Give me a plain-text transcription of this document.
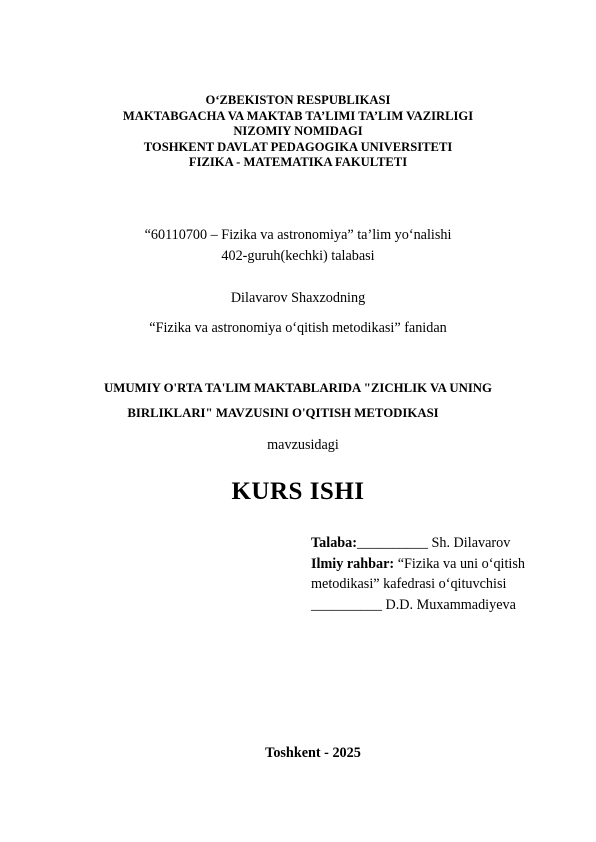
O‘ZBEKISTON RESPUBLIKASI
MAKTABGACHA VA MAKTAB TA’LIMI TA’LIM VAZIRLIGI
NIZOMIY NOMIDAGI
TOSHKENT DAVLAT PEDAGOGIKA UNIVERSITETI
FIZIKA - MATEMATIKA FAKULTETI
“60110700 – Fizika va astronomiya” ta’lim yo‘nalishi
402-guruh(kechki) talabasi
Dilavarov Shaxzodning
“Fizika va astronomiya o‘qitish metodikasi” fanidan
UMUMIY O'RTA TA'LIM MAKTABLARIDA "ZICHLIK VA UNING
BIRLIKLARI" MAVZUSINI O'QITISH METODIKASI
mavzusidagi
KURS ISHI
Talaba:__________ Sh. Dilavarov
Ilmiy rahbar: “Fizika va uni o‘qitish
metodikasi” kafedrasi o‘qituvchisi
__________ D.D. Muxammadiyeva
Toshkent - 2025
